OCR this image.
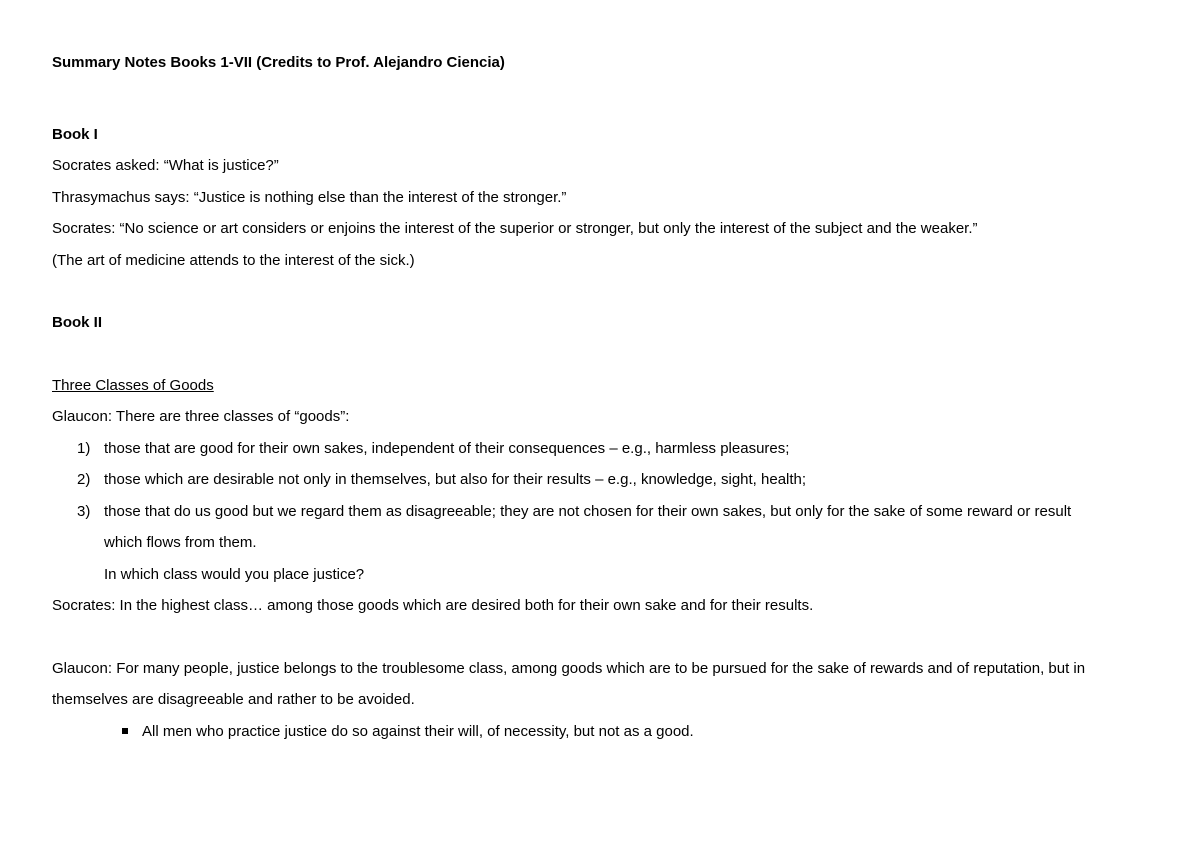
Summary Notes Books 1-VII (Credits to Prof. Alejandro Ciencia)
Book I
Socrates asked: “What is justice?”
Thrasymachus says: “Justice is nothing else than the interest of the stronger.”
Socrates: “No science or art considers or enjoins the interest of the superior or stronger, but only the interest of the subject and the weaker.”
(The art of medicine attends to the interest of the sick.)
Book II
Three Classes of Goods
Glaucon: There are three classes of “goods”:
1) those that are good for their own sakes, independent of their consequences – e.g., harmless pleasures;
2) those which are desirable not only in themselves, but also for their results – e.g., knowledge, sight, health;
3) those that do us good but we regard them as disagreeable; they are not chosen for their own sakes, but only for the sake of some reward or result
which flows from them.
In which class would you place justice?
Socrates: In the highest class… among those goods which are desired both for their own sake and for their results.
Glaucon: For many people, justice belongs to the troublesome class, among goods which are to be pursued for the sake of rewards and of reputation, but in
themselves are disagreeable and rather to be avoided.
All men who practice justice do so against their will, of necessity, but not as a good.
